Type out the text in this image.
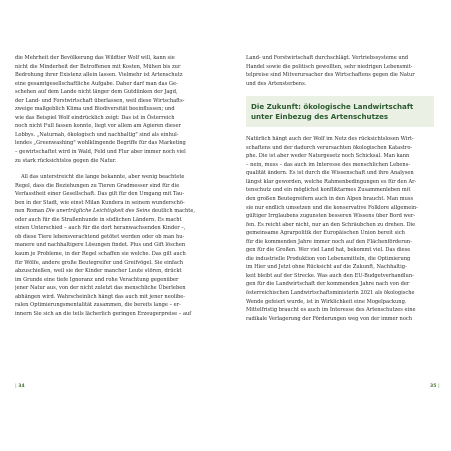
die Mehrheit der Bevölkerung das Wildtier Wolf will, kann sie
nicht die Minderheit der Betroffenen mit Kosten, Mühen bis zur
Bedrohung ihrer Existenz allein lassen. Vielmehr ist Artenschutz
eine gesamtgesellschaftliche Aufgabe. Daher darf man das Ge-
schehen auf dem Lande nicht länger dem Gutdünken der Jagd,
der Land- und Forstwirtschaft überlassen, weil diese Wirtschafts-
zweige maßgeblich Klima und Biodiversität beeinflussen; und
wie das Beispiel Wolf eindrücklich zeigt: Das ist in Österreich
noch nicht Full fassen konnte, liegt vor allem am Agieren dieser
Lobbys. „Naturnah, ökologisch und nachhaltig" sind als einhul-
lendes „Greenwashing" wohlklingende Begriffe für das Marketing
– gewirtschaftet wird in Wald, Feld und Flur aber immer noch viel
zu stark rücksichtslos gegen die Natur.

All das unterstreicht die lange bekannte, aber wenig beachtete
Regel, dass die Beziehungen zu Tieren Gradmesser sind für die
Verfasstheit einer Gesellschaft. Das gilt für den Umgang mit Tau-
ben in der Stadt, wie einst Milan Kundera in seinem wunderschö-
nen Roman Die unerträgliche Leichtigkeit des Seins deutlich machte,
oder auch für die Straßenhunde in südlichen Ländern. Es macht
einen Unterschied – auch für die dort heranwachsenden Kinder –,
ob diese Tiere lebensverachtend getötet werden oder ob man hu-
manere und nachhaltigere Lösungen findet. Plus und Gift löschen
kaum je Probleme, in der Regel schaffen sie welche. Das gilt auch
für Wölfe, andere große Beutegreifer und Greifvögel. Sie einfach
abzuschießen, weil sie der Kinder mancher Leute stören, drückt
im Grunde eine tiefe Ignoranz und rohe Verachtung gegenüber
jener Natur aus, von der nicht zuletzt das menschliche Überleben
abhängen wird. Wahrscheinlich hängt das auch mit jener neolibe-
ralen Optimierungsmentalität zusammen, die bereits lange – er-
innern Sie sich an die teils lächerlich geringen Erzeugerpreise – auf

Land- und Forstwirtschaft durchschlägt. Vertriebssysteme und
Handel sowie die politisch gewollten, sehr niedrigen Lebensmit-
telpreise sind Mitverursacher des Wirtschaftens gegen die Natur
und des Artensterbens.

Die Zukunft: ökologische Landwirtschaft unter Einbezug des Artenschutzes

Natürlich hängt auch der Wolf im Netz des rücksichtslosen Wirt-
schaftens und der dadurch verursachten ökologischen Katastro-
phe. Die ist aber weder Naturgesetz noch Schicksal. Man kann
– nein, muss – das auch im Interesse des menschlichen Lebens-
qualität ändern. Es ist durch die Wissenschaft und ihre Analysen
längst klar geworden, welche Rahmenbedingungen es für den Ar-
tenschutz und ein möglichst konfliktarmes Zusammenleben mit
den großen Beutegreifern auch in den Alpen braucht. Man muss
sie nur endlich umsetzen und die konservative Folklore allgemein-
gültiger Irrglaubens zugunsten besseren Wissens über Bord wer-
fen. Es reicht aber nicht, nur an den Schräubchen zu drehen. Die
gemeinsame Agrarpolitik der Europäischen Union bereit sich
für die kommenden Jahre immer noch auf den Flächenförderun-
gen für die Großen. Wer viel Land hat, bekommt viel. Das diese
die industrielle Produktion von Lebensmitteln, die Optimierung
im Hier und Jetzt ohne Rücksicht auf die Zukunft, Nachhaltig-
keit bleibt auf der Strecke. Was auch den EU-Budgetverhandlun-
gen für die Landwirtschaft der kommenden Jahre nach von der
österreichischen Landwirtschaftsministerin 2021 als ökologische
Wende gefeiert wurde, ist in Wirklichkeit eine Mogelpackung.
Mittelfristig braucht es auch im Interesse des Artenschutzes eine
radikale Verlagerung der Förderungen weg von der immer noch

| 34	35 |
